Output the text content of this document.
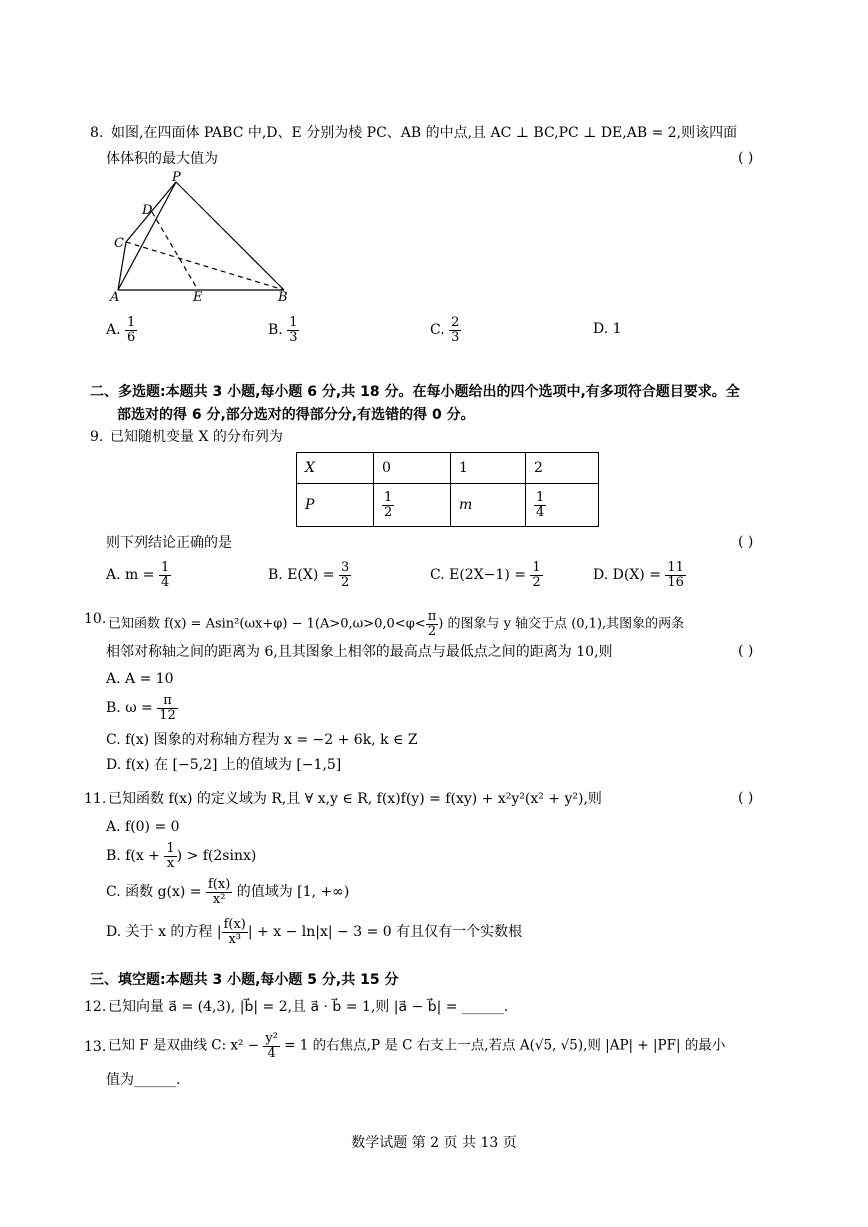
8. 如图,在四面体 PABC 中,D、E 分别为棱 PC、AB 的中点,且 AC ⊥ BC,PC ⊥ DE,AB = 2,则该四面
体体积的最大值为	( )
P
D
C
A	E	B
A. $\frac{1}{6}$	B. $\frac{1}{3}$	C. $\frac{2}{3}$	D. 1
二、多选题:本题共 3 小题,每小题 6 分,共 18 分。在每小题给出的四个选项中,有多项符合题目要求。全
部选对的得 6 分,部分选对的得部分分,有选错的得 0 分。
9. 已知随机变量 X 的分布列为
X	0	1	2
P	$\frac{1}{2}$	m	$\frac{1}{4}$
则下列结论正确的是	( )
A. $m = \frac{1}{4}$	B. $E(X) = \frac{3}{2}$	C. $E(2X-1) = \frac{1}{2}$	D. $D(X) = \frac{11}{16}$
10. 已知函数 $f(x) = Asin^2(\omega x+\varphi) - 1(A>0,\omega>0,0<\varphi< \frac{\pi}{2}$ ) 的图象与 y 轴交于点 (0,1),其图象的两条
相邻对称轴之间的距离为 6,且其图象上相邻的最高点与最低点之间的距离为 10,则	( )
A. A = 10
B. $\omega = \frac{\pi}{12}$
C. f(x) 图象的对称轴方程为 x = −2 + 6k, k ∈ Z
D. f(x) 在 [−5,2] 上的值域为 [−1,5]
11. 已知函数 f(x) 的定义域为 R,且 ∀ x,y ∈ R, f(x)f(y) = f(xy) + x²y²(x² + y²),则	( )
A. f(0) = 0
B. $f(x + \frac{1}{x}$ ) > f(2sinx)
C. 函数 $g(x) = \frac{f(x)}{\text{x²}}$ 的值域为 [1, +∞)
D. 关于 x 的方程 | $\frac{f(x)}{\text{x³}}$ | + x − ln|x| − 3 = 0 有且仅有一个实数根
三、填空题:本题共 3 小题,每小题 5 分,共 15 分
12. 已知向量 a⃗ = (4,3), |b⃗| = 2,且 a⃗ · b⃗ = 1,则 |a⃗ − b⃗| = ______.
13. 已知 F 是双曲线 C: $x^2 - \frac{\text{y²}}{4} = 1$ 的右焦点,P 是 C 右支上一点,若点 A(√5, √5),则 |AP| + |PF| 的最小
值为______.
数学试题 第 2 页 共 13 页
